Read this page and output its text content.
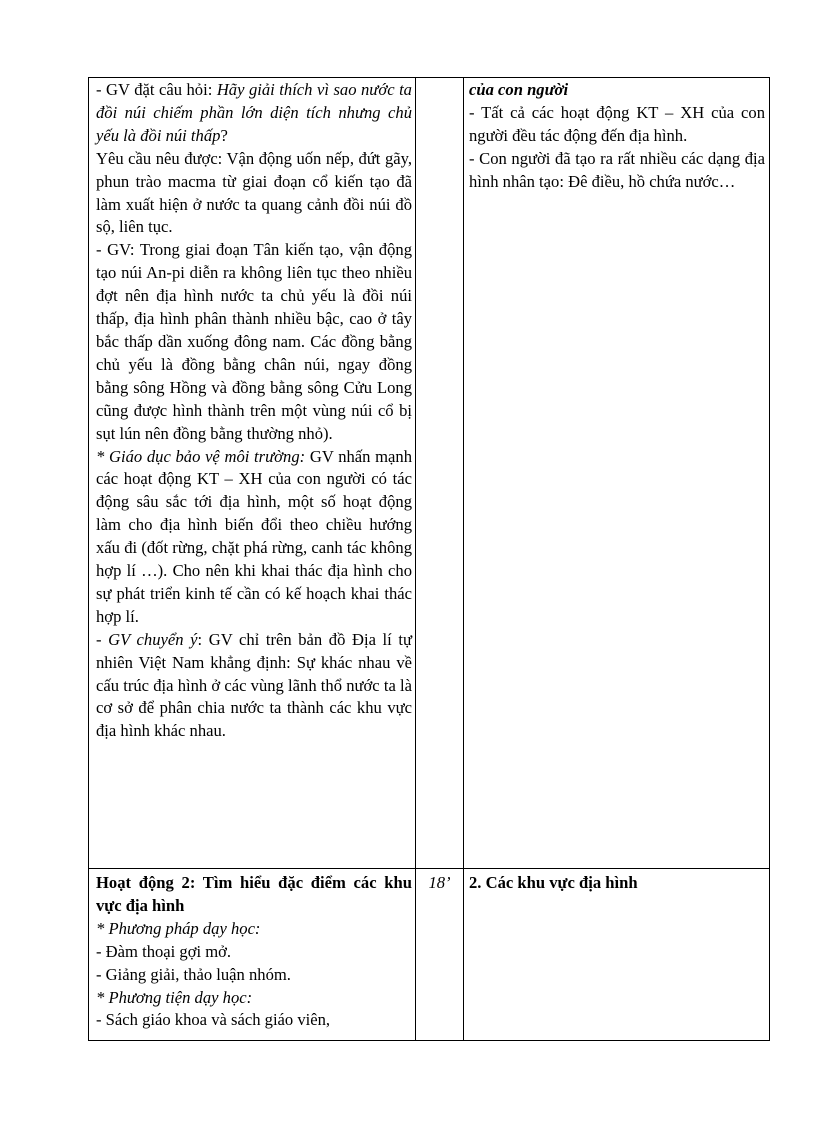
- GV đặt câu hỏi: Hãy giải thích vì sao nước ta đồi núi chiếm phần lớn diện tích nhưng chủ yếu là đồi núi thấp?

Yêu cầu nêu được: Vận động uốn nếp, đứt gãy, phun trào macma từ giai đoạn cổ kiến tạo đã làm xuất hiện ở nước ta quang cảnh đồi núi đồ sộ, liên tục.

- GV: Trong giai đoạn Tân kiến tạo, vận động tạo núi An-pi diễn ra không liên tục theo nhiều đợt nên địa hình nước ta chủ yếu là đồi núi thấp, địa hình phân thành nhiều bậc, cao ở tây bắc thấp dần xuống đông nam. Các đồng bằng chủ yếu là đồng bằng chân núi, ngay đồng bằng sông Hồng và đồng bằng sông Cửu Long cũng được hình thành trên một vùng núi cổ bị sụt lún nên đồng bằng thường nhỏ).

* Giáo dục bảo vệ môi trường: GV nhấn mạnh các hoạt động KT – XH của con người có tác động sâu sắc tới địa hình, một số hoạt động làm cho địa hình biến đổi theo chiều hướng xấu đi (đốt rừng, chặt phá rừng, canh tác không hợp lí …). Cho nên khi khai thác địa hình cho sự phát triển kinh tế cần có kế hoạch khai thác hợp lí.

- GV chuyển ý: GV chỉ trên bản đồ Địa lí tự nhiên Việt Nam khẳng định: Sự khác nhau về cấu trúc địa hình ở các vùng lãnh thổ nước ta là cơ sở để phân chia nước ta thành các khu vực địa hình khác nhau.

của con người

- Tất cả các hoạt động KT – XH của con người đều tác động đến địa hình.

- Con người đã tạo ra rất nhiều các dạng địa hình nhân tạo: Đê điều, hồ chứa nước…

Hoạt động 2: Tìm hiểu đặc điểm các khu vực địa hình

* Phương pháp dạy học:

- Đàm thoại gợi mở.

- Giảng giải, thảo luận nhóm.

* Phương tiện dạy học:

- Sách giáo khoa và sách giáo viên,

18’	2. Các khu vực địa hình
